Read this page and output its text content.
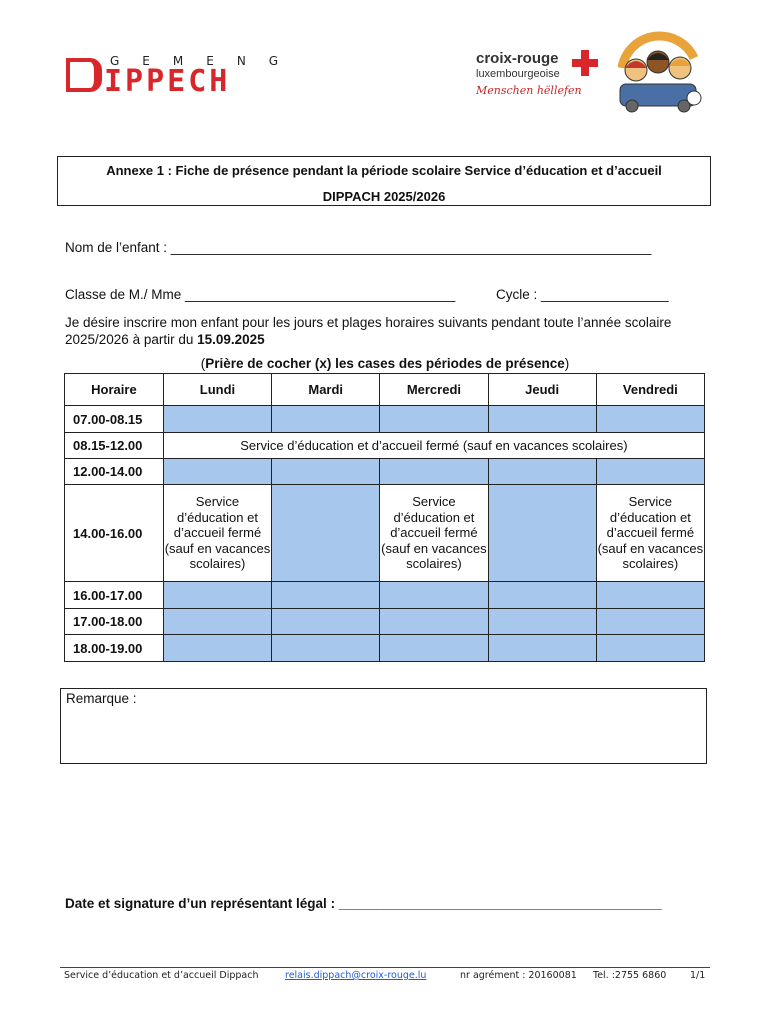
GEMENG
IPPECH
croix-rouge
luxembourgeoise
Menschen hëllefen
Annexe 1 : Fiche de présence pendant la période scolaire Service d’éducation et d’accueil
DIPPACH 2025/2026
Nom de l’enfant : ________________________________________________________________
Classe de M./ Mme ____________________________________	Cycle : _________________
Je désire inscrire mon enfant pour les jours et plages horaires suivants pendant toute l’année scolaire 2025/2026 à partir du 15.09.2025
(Prière de cocher (x) les cases des périodes de présence)
Horaire	Lundi	Mardi	Mercredi	Jeudi	Vendredi
07.00-08.15					
08.15-12.00	Service d’éducation et d’accueil fermé (sauf en vacances scolaires)				
12.00-14.00					
14.00-16.00	Service d’éducation et d’accueil fermé (sauf en vacances scolaires)		Service d’éducation et d’accueil fermé (sauf en vacances scolaires)		Service d’éducation et d’accueil fermé (sauf en vacances scolaires)
16.00-17.00					
17.00-18.00					
18.00-19.00					
Remarque :
Date et signature d’un représentant légal : ___________________________________________
Service d’éducation et d’accueil Dippach	relais.dippach@croix-rouge.lu	nr agrément : 20160081 Tel. :2755 6860 1/1
